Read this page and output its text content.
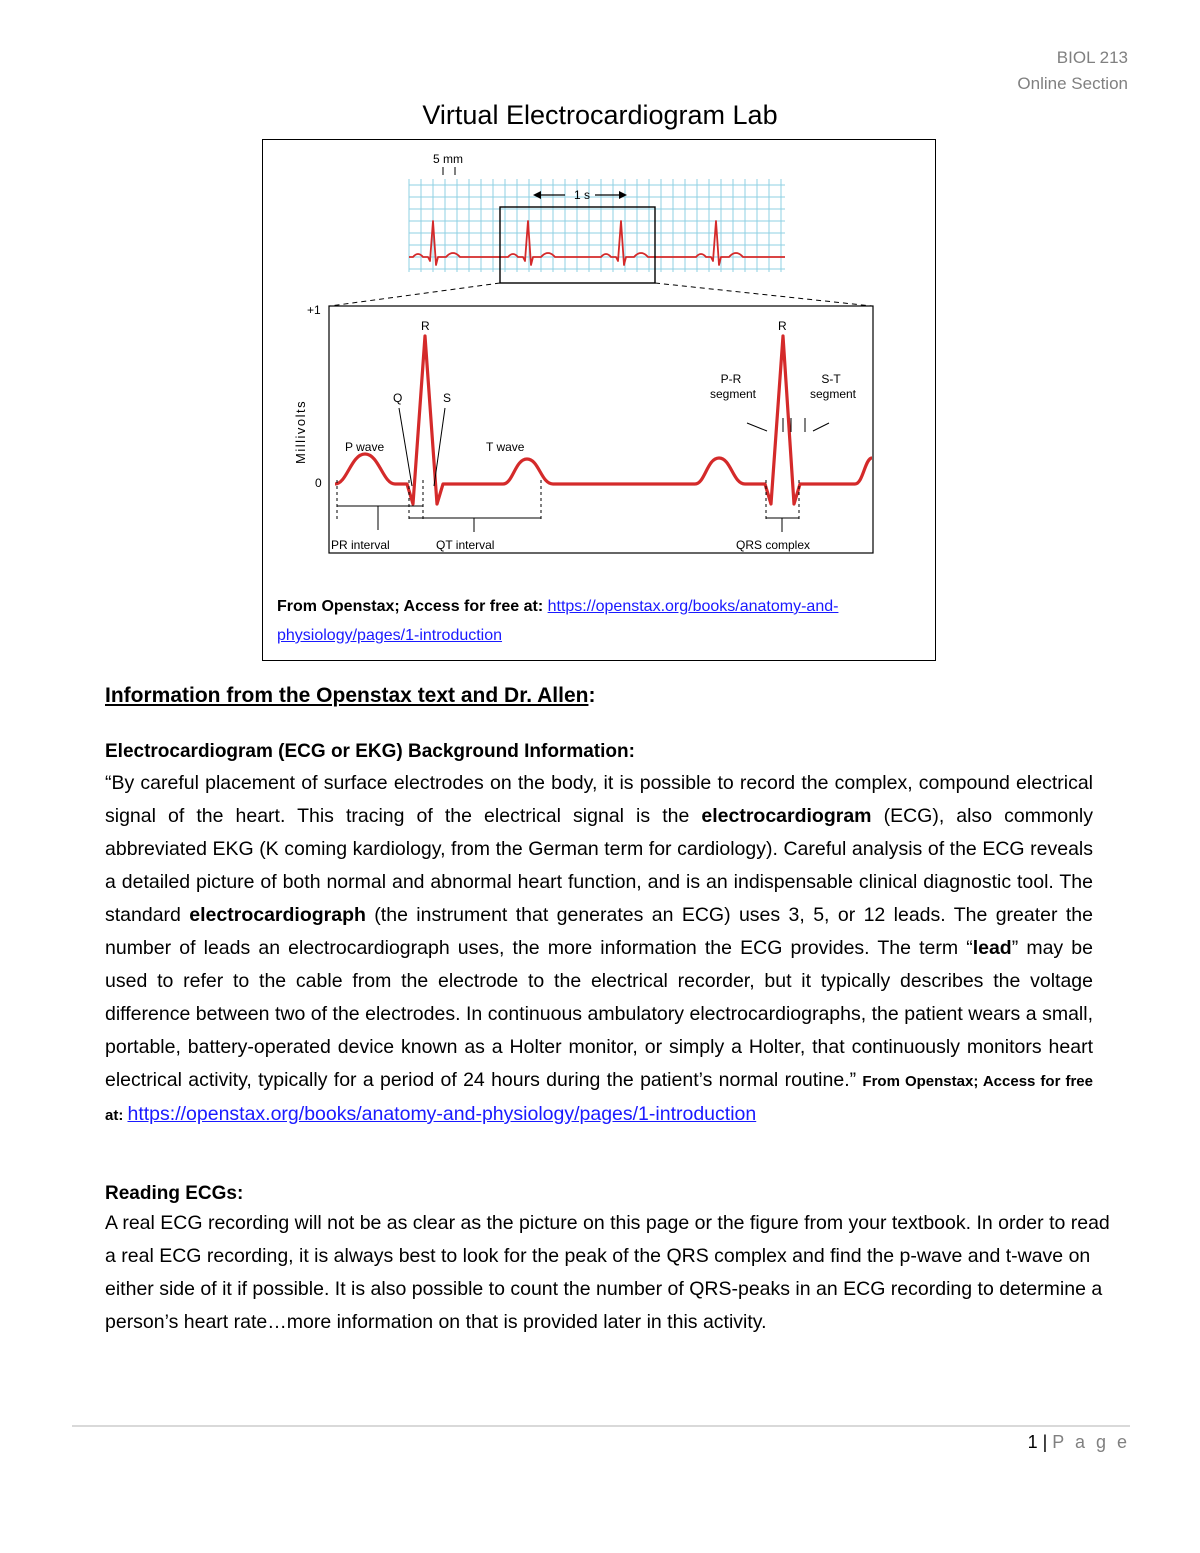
BIOL 213
Online Section
Virtual Electrocardiogram Lab
5 mm
1 s
+1
0
Millivolts
R	R
Q	S
P wave	T wave
P-R segment
S-T segment
PR interval	QT interval	QRS complex
From Openstax; Access for free at: https://openstax.org/books/anatomy-and-physiology/pages/1-introduction
Information from the Openstax text and Dr. Allen:
Electrocardiogram (ECG or EKG) Background Information:

“By careful placement of surface electrodes on the body, it is possible to record the complex, compound electrical signal of the heart. This tracing of the electrical signal is the electrocardiogram (ECG), also commonly abbreviated EKG (K coming kardiology, from the German term for cardiology). Careful analysis of the ECG reveals a detailed picture of both normal and abnormal heart function, and is an indispensable clinical diagnostic tool. The standard electrocardiograph (the instrument that generates an ECG) uses 3, 5, or 12 leads. The greater the number of leads an electrocardiograph uses, the more information the ECG provides. The term “lead” may be used to refer to the cable from the electrode to the electrical recorder, but it typically describes the voltage difference between two of the electrodes. In continuous ambulatory electrocardiographs, the patient wears a small, portable, battery-operated device known as a Holter monitor, or simply a Holter, that continuously monitors heart electrical activity, typically for a period of 24 hours during the patient’s normal routine.” From Openstax; Access for free at: https://openstax.org/books/anatomy-and-physiology/pages/1-introduction

Reading ECGs:

A real ECG recording will not be as clear as the picture on this page or the figure from your textbook. In order to read a real ECG recording, it is always best to look for the peak of the QRS complex and find the p-wave and t-wave on either side of it if possible. It is also possible to count the number of QRS-peaks in an ECG recording to determine a person’s heart rate…more information on that is provided later in this activity.

1 | P a g e
